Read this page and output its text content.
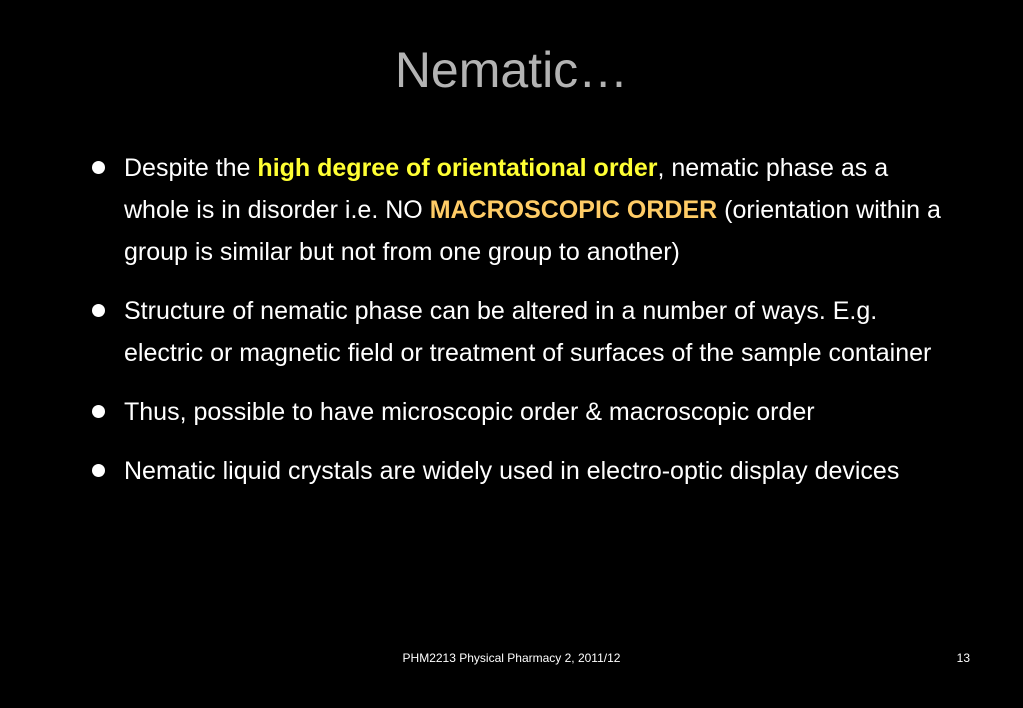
Nematic…
Despite the high degree of orientational order, nematic phase as a whole is in disorder i.e. NO MACROSCOPIC ORDER (orientation within a group is similar but not from one group to another)
Structure of nematic phase can be altered in a number of ways. E.g. electric or magnetic field or treatment of surfaces of the sample container
Thus, possible to have microscopic order & macroscopic order
Nematic liquid crystals are widely used in electro-optic display devices
PHM2213 Physical Pharmacy 2, 2011/12	13
